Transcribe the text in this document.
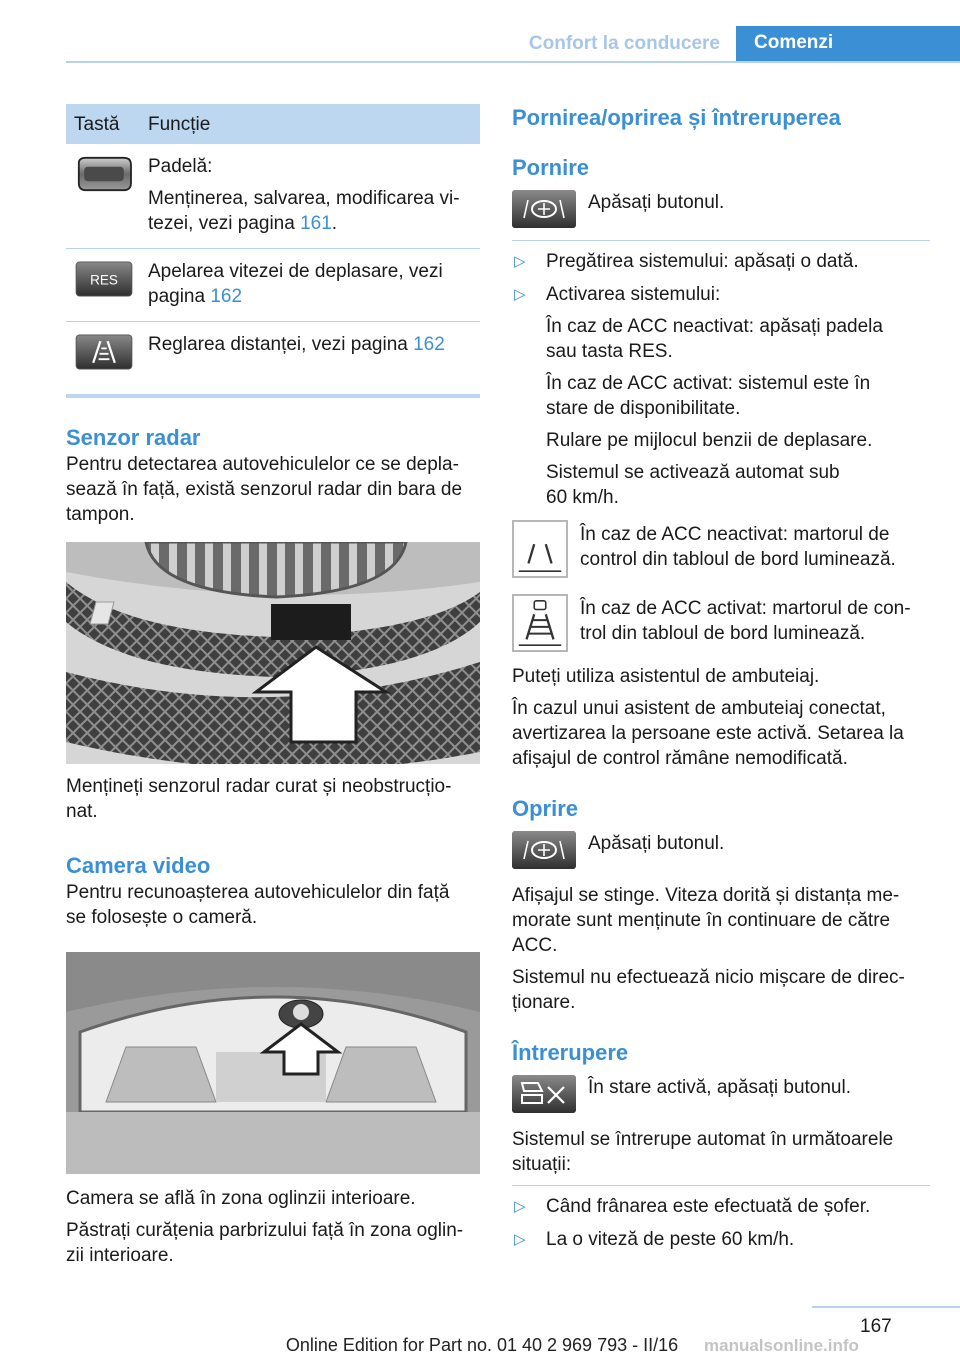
Confort la conducere	Comenzi
Tastă	Funcție

Padelă:

Menținerea, salvarea, modificarea vi-
tezei, vezi pagina 161.

RES	Apelarea vitezei de deplasare, vezi
pagina 162

Reglarea distanței, vezi pagina 162

Senzor radar

Pentru detectarea autovehiculelor ce se depla-
sează în față, există senzorul radar din bara de
tampon.

Mențineți senzorul radar curat și neobstrucțio-
nat.

Camera video

Pentru recunoașterea autovehiculelor din față
se folosește o cameră.

Camera se află în zona oglinzii interioare.

Păstrați curățenia parbrizului față în zona oglin-
zii interioare.

Pornirea/oprirea și întreruperea
Pornire
Apăsați butonul.
▷ Pregătirea sistemului: apăsați o dată.
▷ Activarea sistemului:

În caz de ACC neactivat: apăsați padela
sau tasta RES.

În caz de ACC activat: sistemul este în
stare de disponibilitate.

Rulare pe mijlocul benzii de deplasare.

Sistemul se activează automat sub
60 km/h.

În caz de ACC neactivat: martorul de
control din tabloul de bord luminează.
În caz de ACC activat: martorul de con-
trol din tabloul de bord luminează.

Puteți utiliza asistentul de ambuteiaj.

În cazul unui asistent de ambuteiaj conectat,
avertizarea la persoane este activă. Setarea la
afișajul de control rămâne nemodificată.

Oprire
Apăsați butonul.

Afișajul se stinge. Viteza dorită și distanța me-
morate sunt menținute în continuare de către
ACC.

Sistemul nu efectuează nicio mișcare de direc-
ționare.

Întrerupere
În stare activă, apăsați butonul.

Sistemul se întrerupe automat în următoarele
situații:

▷ Când frânarea este efectuată de șofer.
▷ La o viteză de peste 60 km/h.
167
Online Edition for Part no. 01 40 2 969 793 - II/16	manualsonline.info
